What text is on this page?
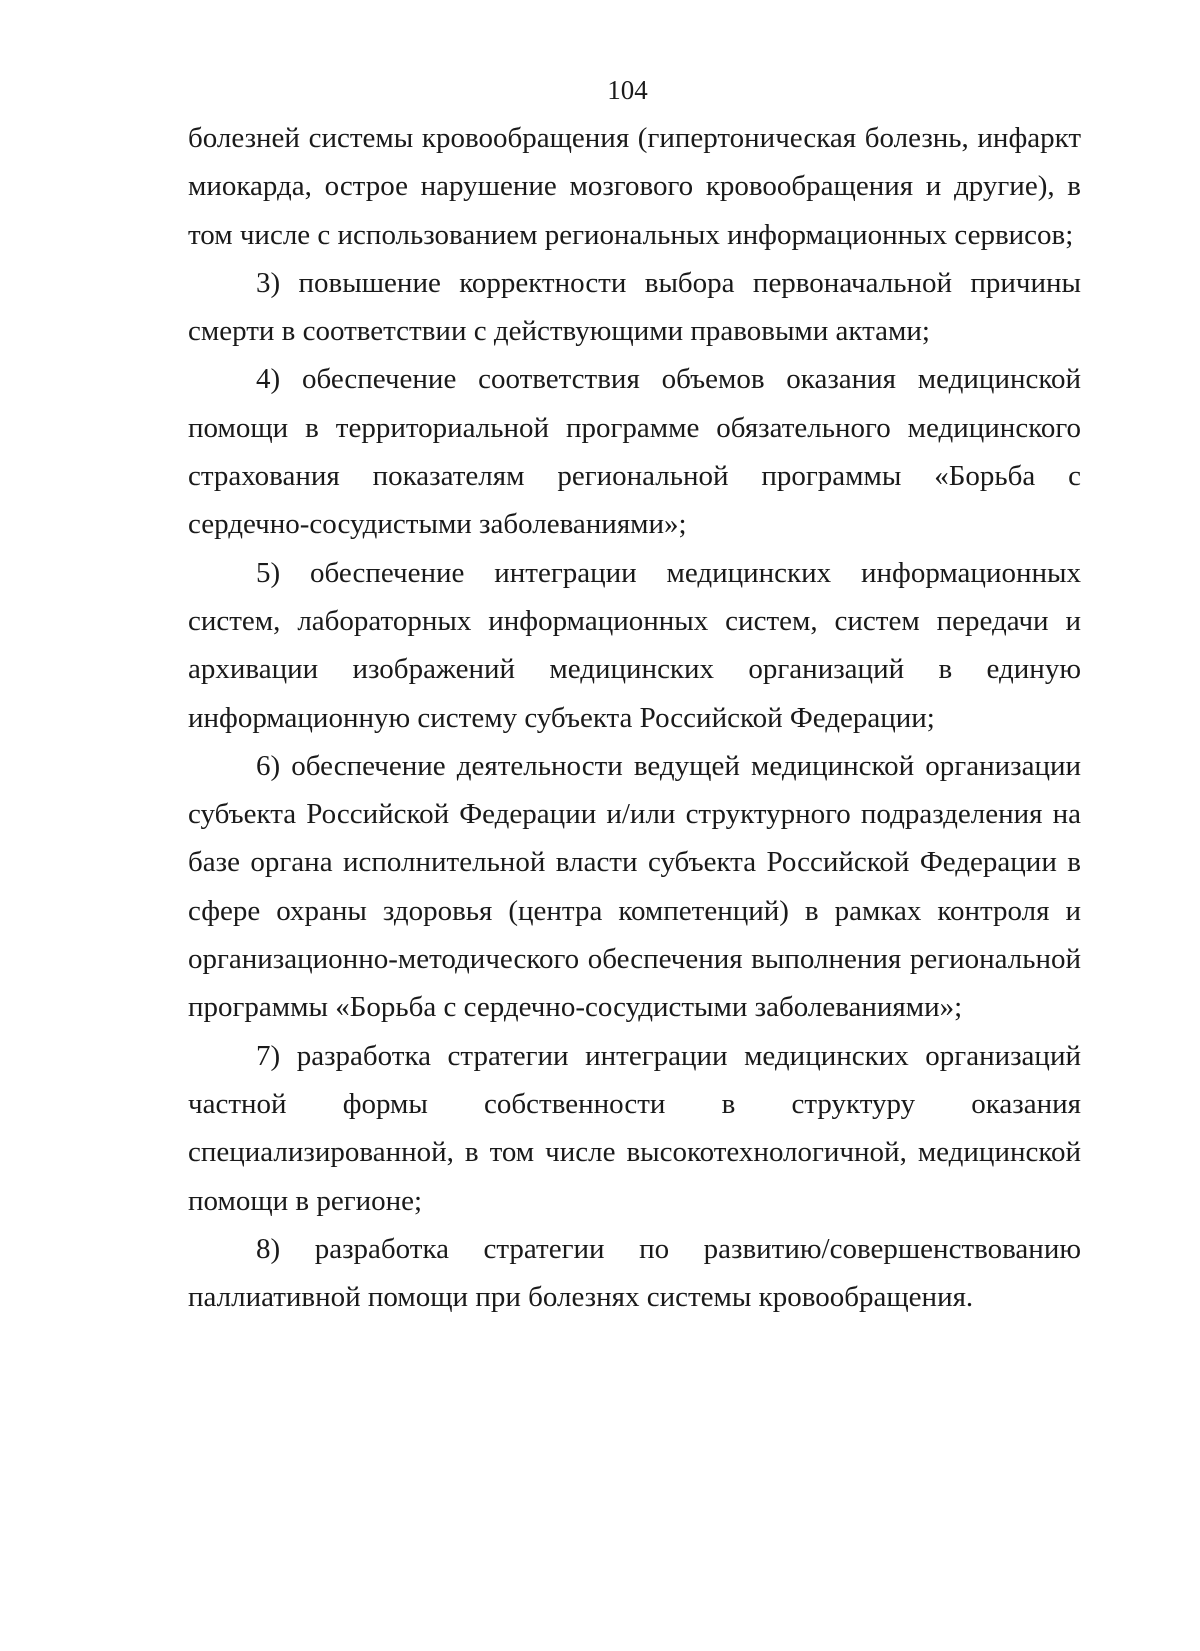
104

болезней системы кровообращения (гипертоническая болезнь, инфаркт миокарда, острое нарушение мозгового кровообращения и другие), в том числе с использованием региональных информационных сервисов;

3) повышение корректности выбора первоначальной причины смерти в соответствии с действующими правовыми актами;

4) обеспечение соответствия объемов оказания медицинской помощи в территориальной программе обязательного медицинского страхования показателям региональной программы «Борьба с сердечно-сосудистыми заболеваниями»;

5) обеспечение интеграции медицинских информационных систем, лабораторных информационных систем, систем передачи и архивации изображений медицинских организаций в единую информационную систему субъекта Российской Федерации;

6) обеспечение деятельности ведущей медицинской организации субъекта Российской Федерации и/или структурного подразделения на базе органа исполнительной власти субъекта Российской Федерации в сфере охраны здоровья (центра компетенций) в рамках контроля и организационно-методического обеспечения выполнения региональной программы «Борьба с сердечно-сосудистыми заболеваниями»;

7) разработка стратегии интеграции медицинских организаций частной формы собственности в структуру оказания специализированной, в том числе высокотехнологичной, медицинской помощи в регионе;

8) разработка стратегии по развитию/совершенствованию паллиативной помощи при болезнях системы кровообращения.
